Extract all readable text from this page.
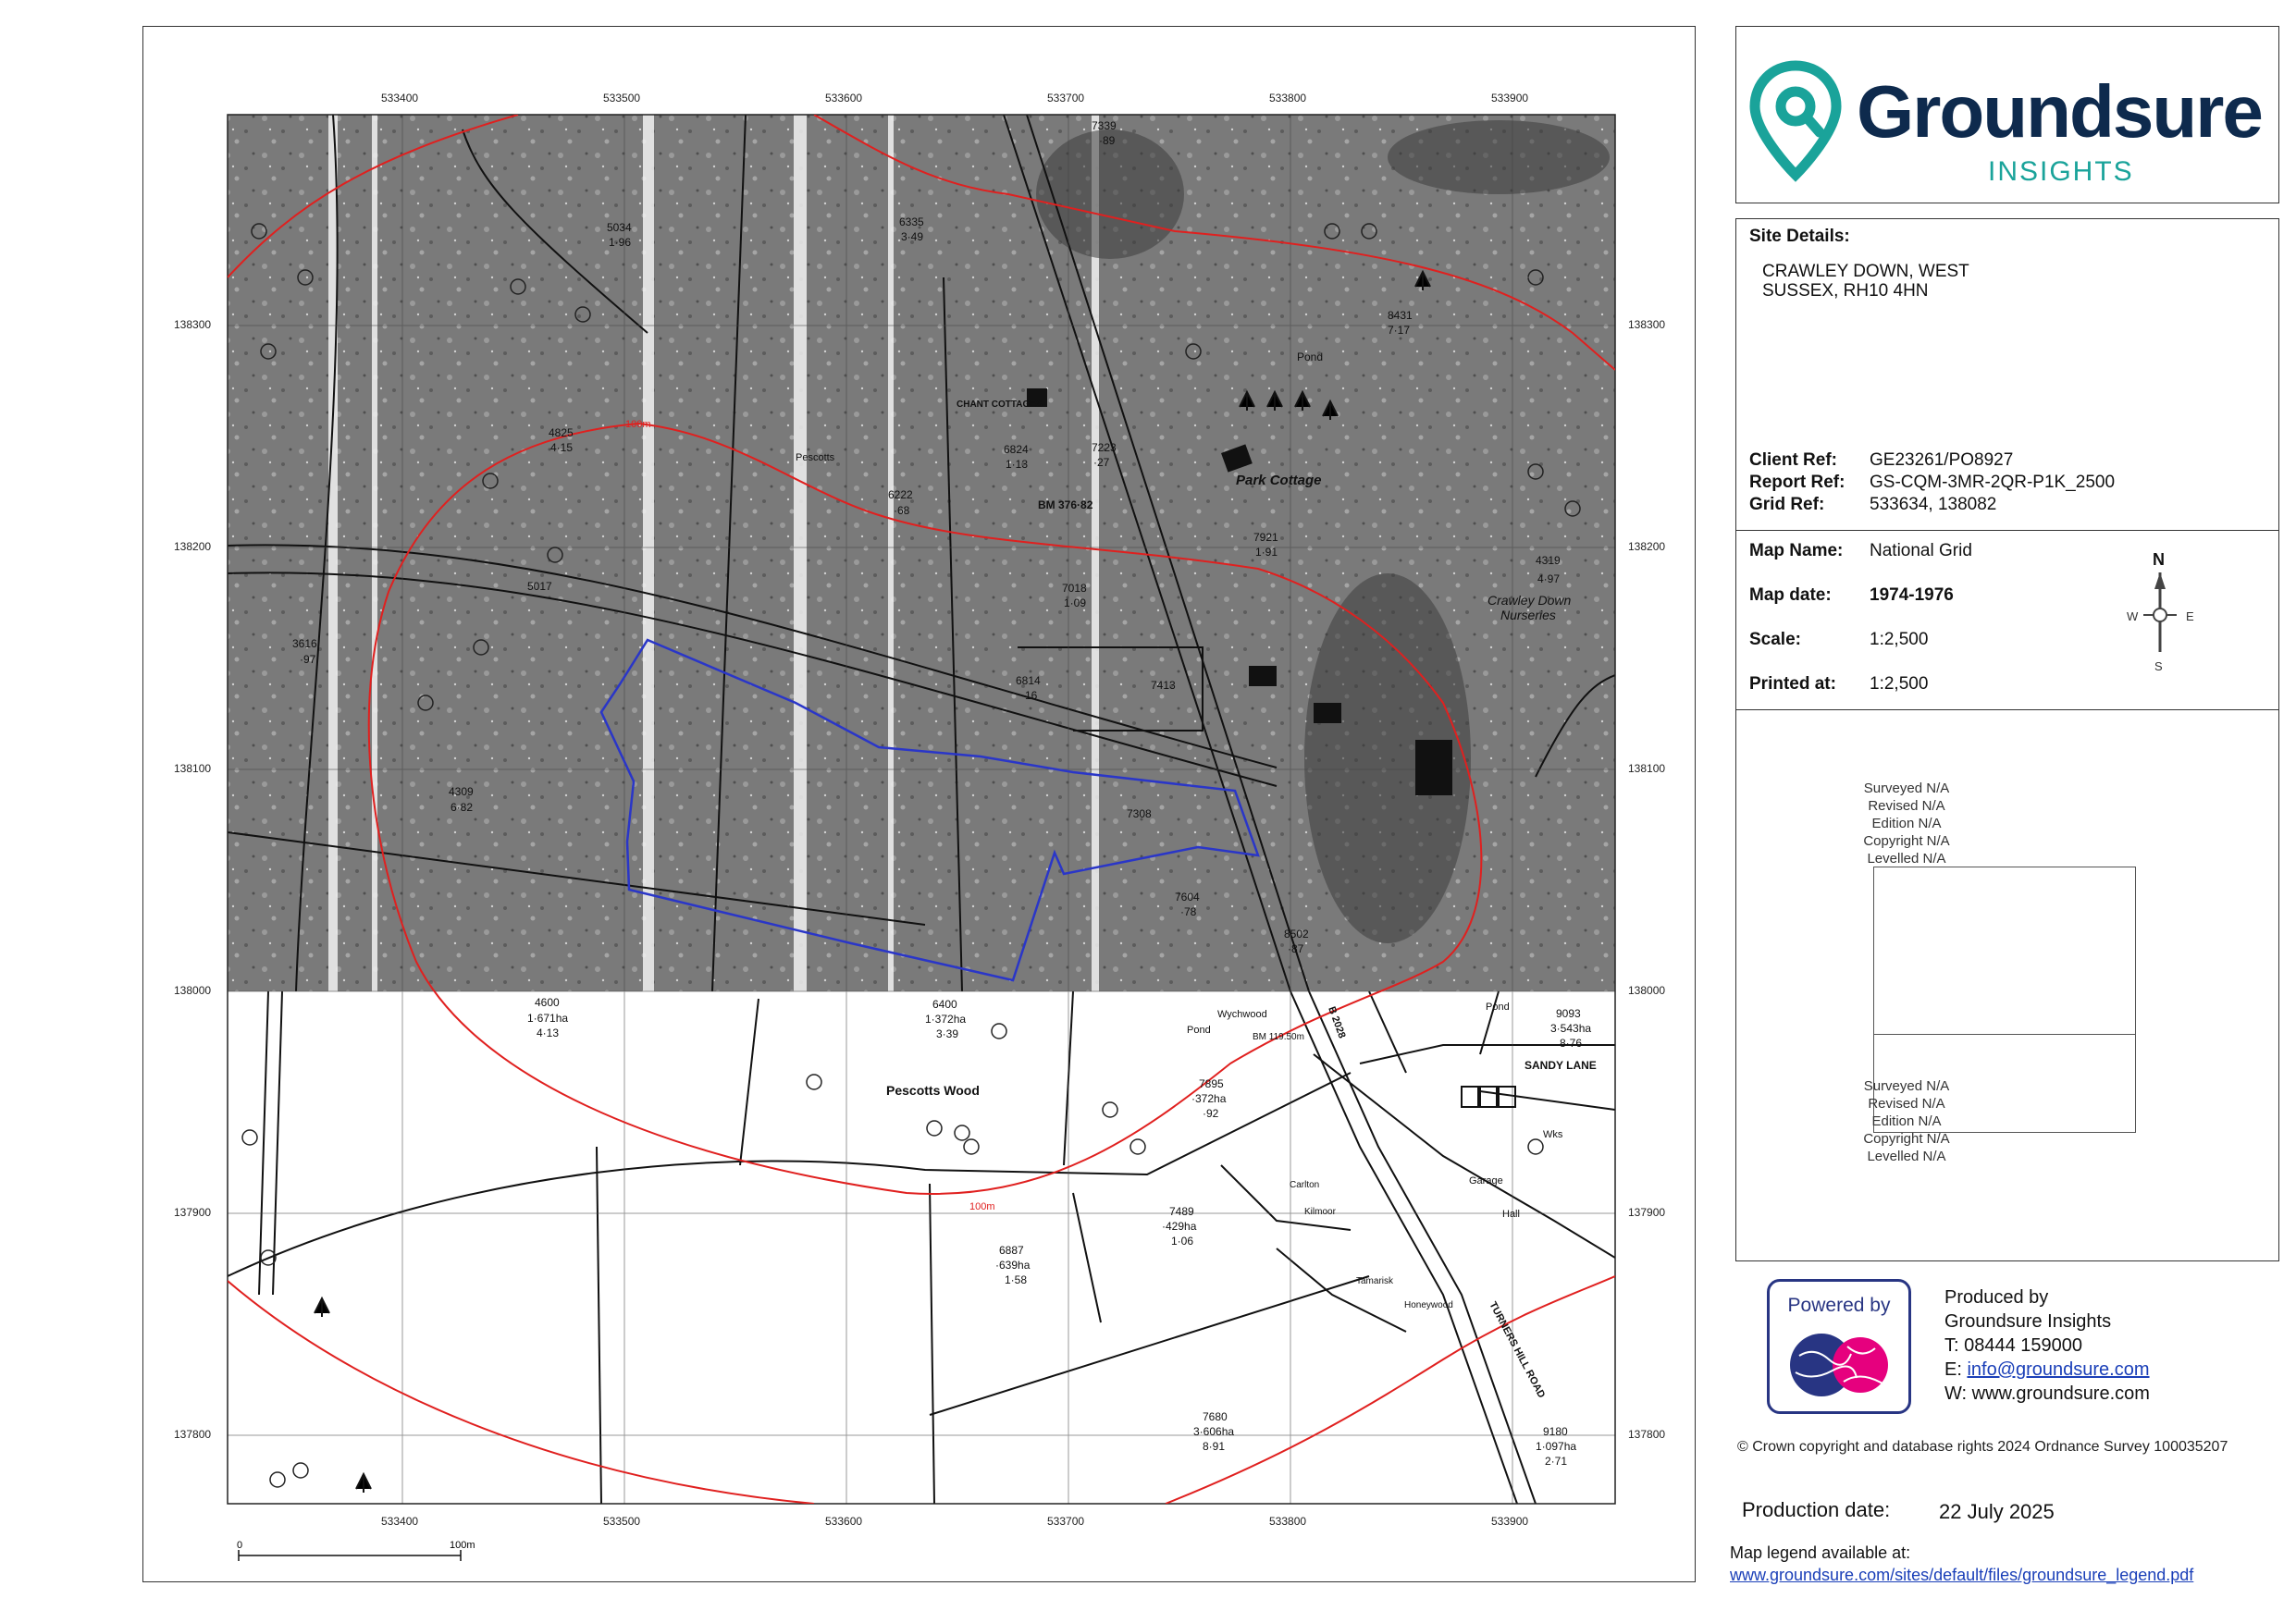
5034
1·96
6335
3·49
7339
·89
8431
7·17
Pond
Park Cottage
4825
4·15
Pescotts
6222
·68	BM 376·82
6824
1·13
7223
·27
7921
1·91
4319
4·97
Crawley Down
Nurseries
5017
3616
·97
7018
1·09
6814
·16
7413
4309
6·82	7308
7604
·78
8502
·87
4600
1·671ha
4·13
6400
1·372ha
3·39
Pescotts Wood
Wychwood
Pond
BM 119.50m
9093
3·543ha
8·76
SANDY LANE
7895
·372ha
·92
Carlton
Kilmoor
Garage
Hall
Wks
7489
·429ha
1·06
6887
·639ha
1·58	Tamarisk
Honeywood	TURNERS HILL ROAD
7680
3·606ha
8·91
9180
1·097ha
2·71
CHANT COTTAGES
B 2028	Pond
100m
100m
0	100m
533400	533500	533600	533700	533800	533900
533400	533500	533600	533700	533800	533900
138300
138200
138100
138000
137900
137800
138300
138200
138100
138000
137900
137800
Groundsure
INSIGHTS
Site Details:
CRAWLEY DOWN, WEST
SUSSEX, RH10 4HN
Client Ref: GE23261/PO8927
Report Ref: GS-CQM-3MR-2QR-P1K_2500
Grid Ref:	533634, 138082
Map Name: National Grid
Map date: 1974-1976
Scale:	1:2,500
Printed at: 1:2,500
N
W	E
S
Surveyed N/A
Revised N/A
Edition N/A
Copyright N/A
Levelled N/A
Surveyed N/A
Revised N/A
Edition N/A
Copyright N/A
Levelled N/A
Powered by	Produced by
Groundsure Insights
T: 08444 159000
E: info@groundsure.com
W: www.groundsure.com
© Crown copyright and database rights 2024 Ordnance Survey 100035207
Production date: 22 July 2025
Map legend available at:
www.groundsure.com/sites/default/files/groundsure_legend.pdf
